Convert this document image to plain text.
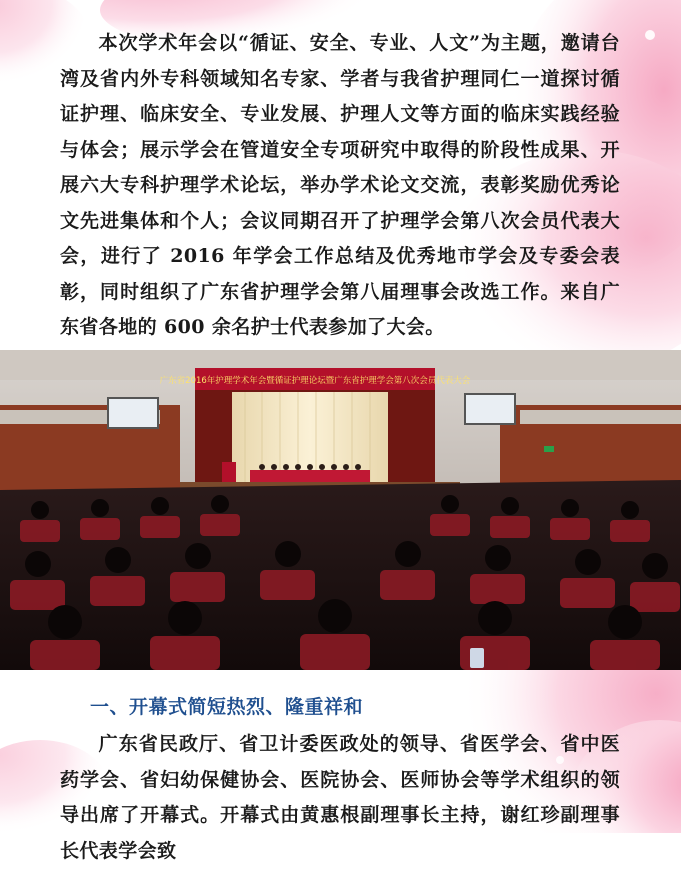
本次学术年会以“循证、安全、专业、人文”为主题，邀请台湾及省内外专科领域知名专家、学者与我省护理同仁一道探讨循证护理、临床安全、专业发展、护理人文等方面的临床实践经验与体会；展示学会在管道安全专项研究中取得的阶段性成果、开展六大专科护理学术论坛，举办学术论文交流，表彰奖励优秀论文先进集体和个人；会议同期召开了护理学会第八次会员代表大会，进行了 2016 年学会工作总结及优秀地市学会及专委会表彰，同时组织了广东省护理学会第八届理事会改选工作。来自广东省各地的 600 余名护士代表参加了大会。

广东省2016年护理学术年会暨循证护理论坛暨广东省护理学会第八次会员代表大会
一、开幕式简短热烈、隆重祥和

广东省民政厅、省卫计委医政处的领导、省医学会、省中医药学会、省妇幼保健协会、医院协会、医师协会等学术组织的领导出席了开幕式。开幕式由黄惠根副理事长主持，谢红珍副理事长代表学会致
